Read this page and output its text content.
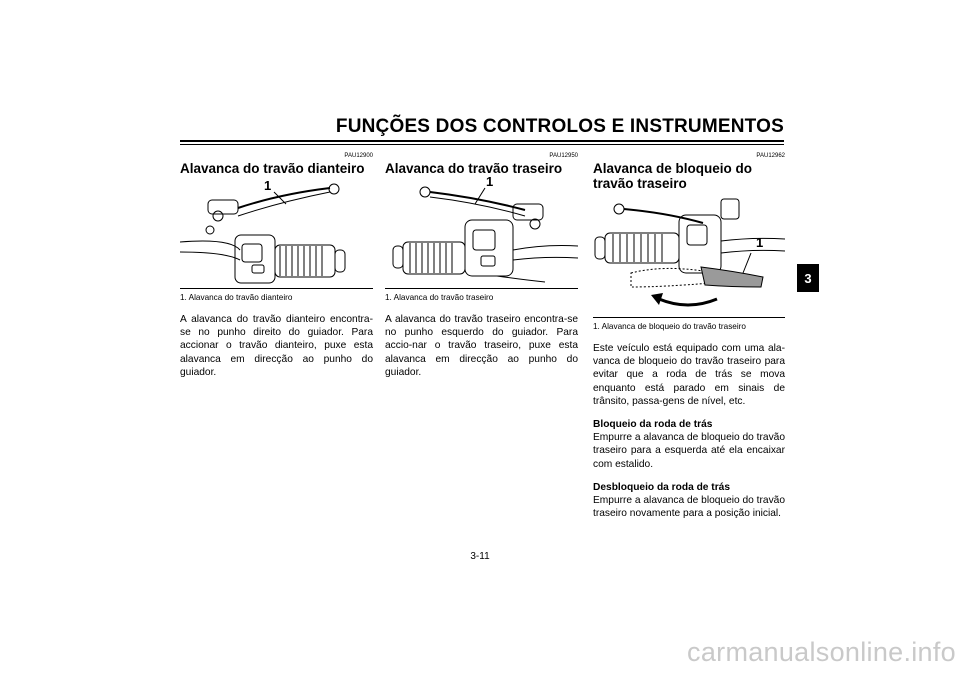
FUNÇÕES DOS CONTROLOS E INSTRUMENTOS
PAU12900
Alavanca do travão dianteiro
1
1. Alavanca do travão dianteiro

A alavanca do travão dianteiro encontra-se no punho direito do guiador. Para accionar o travão dianteiro, puxe esta alavanca em direcção ao punho do guiador.

PAU12950
Alavanca do travão traseiro
1
1. Alavanca do travão traseiro

A alavanca do travão traseiro encontra-se no punho esquerdo do guiador. Para accio-nar o travão traseiro, puxe esta alavanca em direcção ao punho do guiador.

PAU12962
Alavanca de bloqueio do travão traseiro
1
1. Alavanca de bloqueio do travão traseiro

Este veículo está equipado com uma ala-vanca de bloqueio do travão traseiro para evitar que a roda de trás se mova enquanto está parado em sinais de trânsito, passa-gens de nível, etc.

Bloqueio da roda de trás

Empurre a alavanca de bloqueio do travão traseiro para a esquerda até ela encaixar com estalido.

Desbloqueio da roda de trás

Empurre a alavanca de bloqueio do travão traseiro novamente para a posição inicial.

3
3-11
carmanualsonline.info
